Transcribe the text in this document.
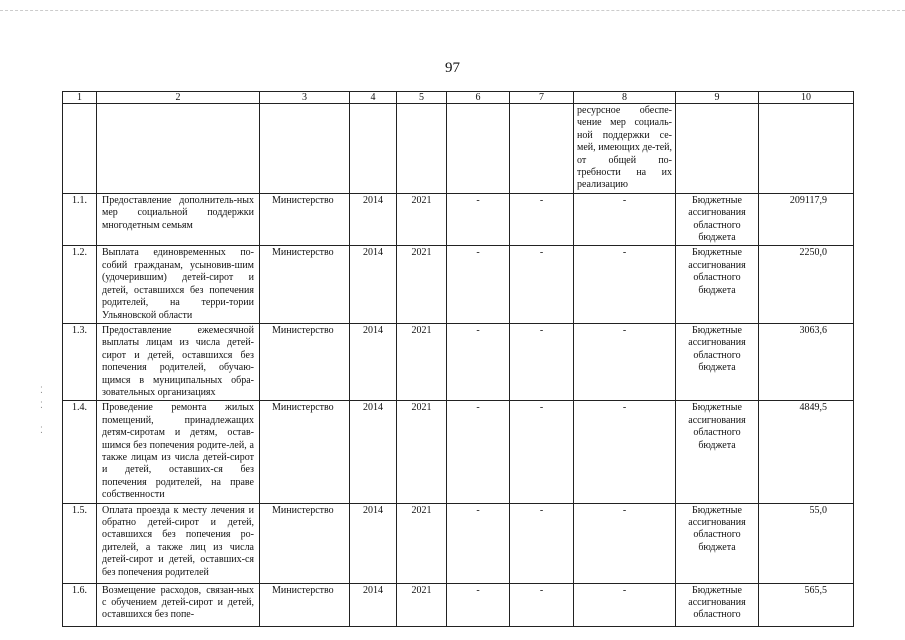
97
⁚
⁚
⁚
1	2	3	4	5	6	7	8	9	10
							ресурсное обеспе-чение мер социаль-ной поддержки се-мей, имеющих де-тей, от общей по-требности на их реализацию		
1.1.	Предоставление дополнитель-ных мер социальной поддержки многодетным семьям	Министерство	2014	2021	-	-	-	Бюджетные ассигнования областного бюджета	209117,9
1.2.	Выплата единовременных по-собий гражданам, усыновив-шим (удочерившим) детей-сирот и детей, оставшихся без попечения родителей, на терри-тории Ульяновской области	Министерство	2014	2021	-	-	-	Бюджетные ассигнования областного бюджета	2250,0
1.3.	Предоставление ежемесячной выплаты лицам из числа детей-сирот и детей, оставшихся без попечения родителей, обучаю-щимся в муниципальных обра-зовательных организациях	Министерство	2014	2021	-	-	-	Бюджетные ассигнования областного бюджета	3063,6
1.4.	Проведение ремонта жилых помещений, принадлежащих детям-сиротам и детям, остав-шимся без попечения родите-лей, а также лицам из числа детей-сирот и детей, оставших-ся без попечения родителей, на праве собственности	Министерство	2014	2021	-	-	-	Бюджетные ассигнования областного бюджета	4849,5
1.5.	Оплата проезда к месту лечения и обратно детей-сирот и детей, оставшихся без попечения ро-дителей, а также лиц из числа детей-сирот и детей, оставших-ся без попечения родителей	Министерство	2014	2021	-	-	-	Бюджетные ассигнования областного бюджета	55,0
1.6.	Возмещение расходов, связан-ных с обучением детей-сирот и детей, оставшихся без попе-	Министерство	2014	2021	-	-	-	Бюджетные ассигнования областного	565,5
